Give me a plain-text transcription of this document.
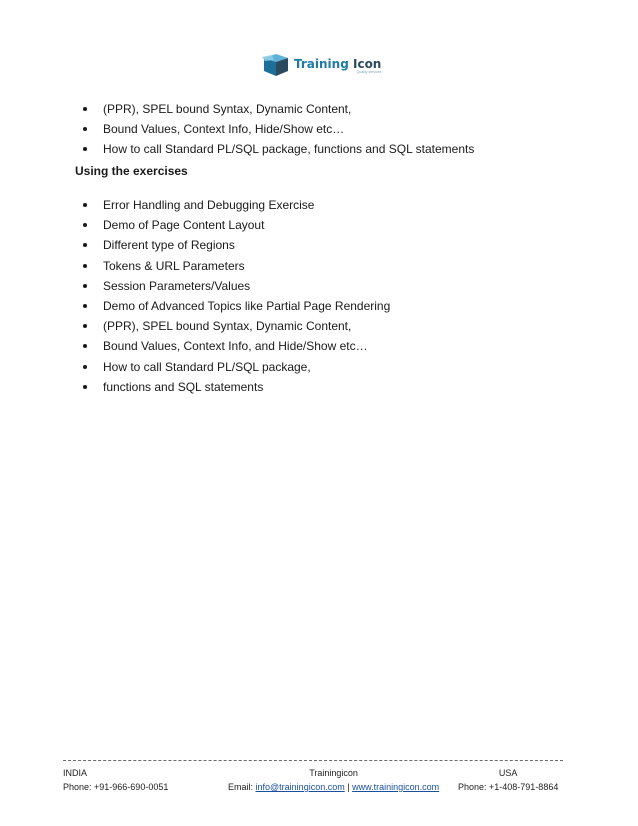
Training Icon
Quality services
(PPR), SPEL bound Syntax, Dynamic Content,
Bound Values, Context Info, Hide/Show etc…
How to call Standard PL/SQL package, functions and SQL statements
Using the exercises
Error Handling and Debugging Exercise
Demo of Page Content Layout
Different type of Regions
Tokens & URL Parameters
Session Parameters/Values
Demo of Advanced Topics like Partial Page Rendering
(PPR), SPEL bound Syntax, Dynamic Content,
Bound Values, Context Info, and Hide/Show etc…
How to call Standard PL/SQL package,
functions and SQL statements
INDIA
Phone: +91-966-690-0051
Trainingicon
Email: info@trainingicon.com | www.trainingicon.com
USA
Phone: +1-408-791-8864
